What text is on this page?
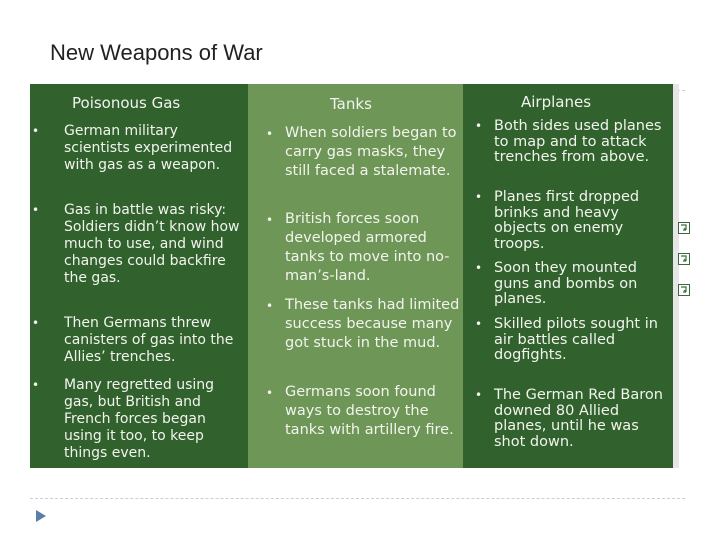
New Weapons of War
Poisonous Gas
• German military scientists experimented with gas as a weapon.
• Gas in battle was risky: Soldiers didn’t know how much to use, and wind changes could backfire the gas.
• Then Germans threw canisters of gas into the Allies’ trenches.
• Many regretted using gas, but British and French forces began using it too, to keep things even.
Tanks
• When soldiers began to carry gas masks, they still faced a stalemate.
• British forces soon developed armored tanks to move into no-man’s-land.
• These tanks had limited success because many got stuck in the mud.
• Germans soon found ways to destroy the tanks with artillery fire.
Airplanes
• Both sides used planes to map and to attack trenches from above.
• Planes first dropped brinks and heavy objects on enemy troops.
• Soon they mounted guns and bombs on planes.
• Skilled pilots sought in air battles called dogfights.
• The German Red Baron downed 80 Allied planes, until he was shot down.
